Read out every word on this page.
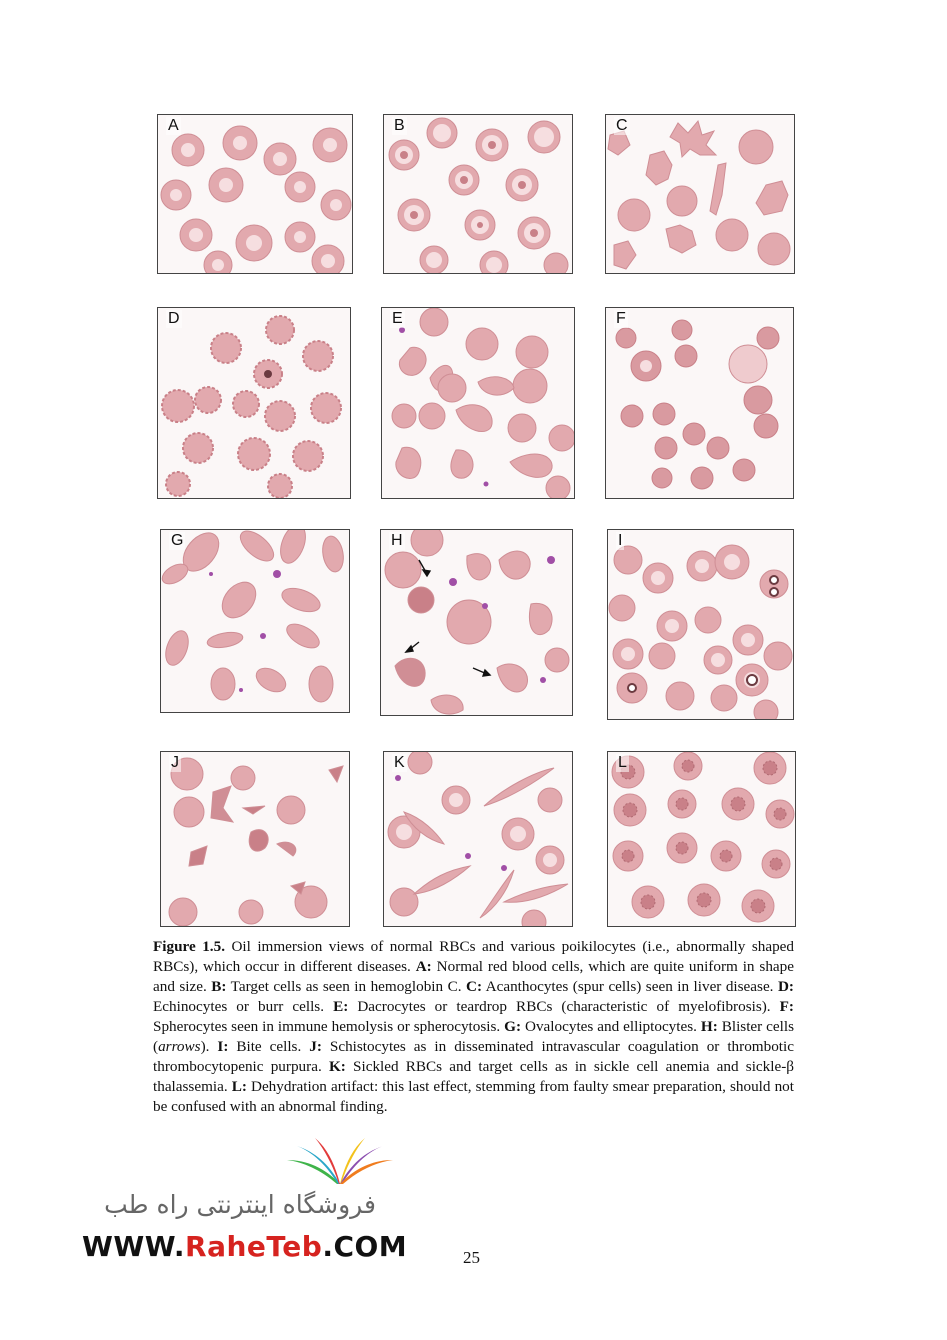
A	B	C
D	E	F
G	H	I
J	K	L
Figure 1.5. Oil immersion views of normal RBCs and various poikilocytes (i.e., abnormally shaped RBCs), which occur in different diseases. A: Normal red blood cells, which are quite uniform in shape and size. B: Target cells as seen in hemoglobin C. C: Acanthocytes (spur cells) seen in liver disease. D: Echinocytes or burr cells. E: Dacrocytes or teardrop RBCs (characteristic of myelofibrosis). F: Spherocytes seen in immune hemolysis or spherocytosis. G: Ovalocytes and elliptocytes. H: Blister cells (arrows). I: Bite cells. J: Schistocytes as in disseminated intravascular coagulation or thrombotic thrombocytopenic purpura. K: Sickled RBCs and target cells as in sickle cell anemia and sickle-β thalassemia. L: Dehydration artifact: this last effect, stemming from faulty smear preparation, should not be confused with an abnormal finding.
فروشگاه اینترنتی راه طب
WWW.RaheTeb.COM	25
